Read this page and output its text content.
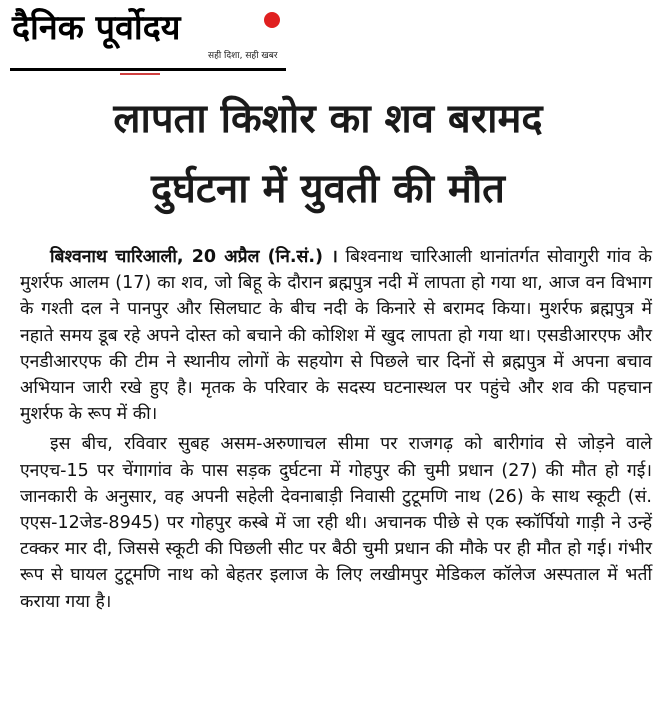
दैनिक पूर्वोदय
सही दिशा, सही खबर
लापता किशोर का शव बरामद
दुर्घटना में युवती की मौत

बिश्वनाथ चारिआली, 20 अप्रैल (नि.सं.) । बिश्वनाथ चारिआली थानांतर्गत सोवागुरी गांव के मुशर्रफ आलम (17) का शव, जो बिहू के दौरान ब्रह्मपुत्र नदी में लापता हो गया था, आज वन विभाग के गश्ती दल ने पानपुर और सिलघाट के बीच नदी के किनारे से बरामद किया। मुशर्रफ ब्रह्मपुत्र में नहाते समय डूब रहे अपने दोस्त को बचाने की कोशिश में खुद लापता हो गया था। एसडीआरएफ और एनडीआरएफ की टीम ने स्थानीय लोगों के सहयोग से पिछले चार दिनों से ब्रह्मपुत्र में अपना बचाव अभियान जारी रखे हुए है। मृतक के परिवार के सदस्य घटनास्थल पर पहुंचे और शव की पहचान मुशर्रफ के रूप में की।

इस बीच, रविवार सुबह असम-अरुणाचल सीमा पर राजगढ़ को बारीगांव से जोड़ने वाले एनएच-15 पर चेंगागांव के पास सड़क दुर्घटना में गोहपुर की चुमी प्रधान (27) की मौत हो गई। जानकारी के अनुसार, वह अपनी सहेली देवनाबाड़ी निवासी टुटूमणि नाथ (26) के साथ स्कूटी (सं. एएस-12जेड-8945) पर गोहपुर कस्बे में जा रही थी। अचानक पीछे से एक स्कॉर्पियो गाड़ी ने उन्हें टक्कर मार दी, जिससे स्कूटी की पिछली सीट पर बैठी चुमी प्रधान की मौके पर ही मौत हो गई। गंभीर रूप से घायल टुटूमणि नाथ को बेहतर इलाज के लिए लखीमपुर मेडिकल कॉलेज अस्पताल में भर्ती कराया गया है।
